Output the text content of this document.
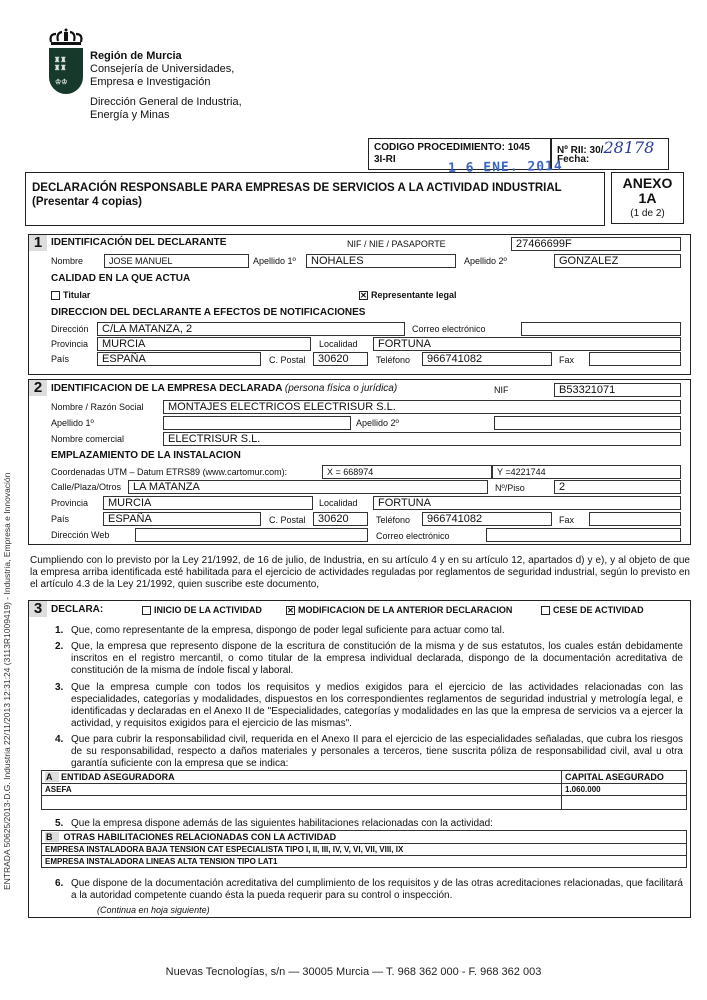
♜♜
♜♜
♔♔
Región de Murcia
Consejería de Universidades,
Empresa e Investigación
Dirección General de Industria,
Energía y Minas
CODIGO PROCEDIMIENTO: 1045
3I-RI
Nº RII: 30/28178
Fecha:
1 6 ENE. 2014
DECLARACIÓN RESPONSABLE PARA EMPRESAS DE SERVICIOS A LA ACTIVIDAD INDUSTRIAL
(Presentar 4 copias)
ANEXO
1A
(1 de 2)
ENTRADA 50625/2013-D.G. Industria 22/11/2013 12:31:24 (3113R1009419) - Industria, Empresa e Innovación
1 IDENTIFICACIÓN DEL DECLARANTE	NIF / NIE / PASAPORTE	27466699F
Nombre	JOSE MANUEL	Apellido 1º	NOHALES	Apellido 2º	GONZALEZ
CALIDAD EN LA QUE ACTUA
Titular	✕ Representante legal
DIRECCION DEL DECLARANTE A EFECTOS DE NOTIFICACIONES
Dirección	C/LA MATANZA, 2	Correo electrónico
Provincia	MURCIA	Localidad	FORTUNA
País	ESPAÑA	C. Postal	30620	Teléfono	966741082	Fax
2 IDENTIFICACION DE LA EMPRESA DECLARADA (persona física o jurídica)	NIF	B53321071
Nombre / Razón Social	MONTAJES ELECTRICOS ELECTRISUR S.L.
Apellido 1º	Apellido 2º
Nombre comercial	ELECTRISUR S.L.
EMPLAZAMIENTO DE LA INSTALACION
Coordenadas UTM – Datum ETRS89 (www.cartomur.com):	X = 668974	Y =4221744
Calle/Plaza/Otros	LA MATANZA	Nº/Piso	2
Provincia	MURCIA	Localidad	FORTUNA
País	ESPAÑA	C. Postal	30620	Teléfono	966741082	Fax
Dirección Web	Correo electrónico
Cumpliendo con lo previsto por la Ley 21/1992, de 16 de julio, de Industria, en su artículo 4 y en su artículo 12, apartados d) y e), y al objeto de que la empresa arriba identificada esté habilitada para el ejercicio de actividades reguladas por reglamentos de seguridad industrial, según lo previsto en el artículo 4.3 de la Ley 21/1992, quien suscribe este documento,
3 DECLARA:	INICIO DE LA ACTIVIDAD	✕ MODIFICACION DE LA ANTERIOR DECLARACION	CESE DE ACTIVIDAD
1. Que, como representante de la empresa, dispongo de poder legal suficiente para actuar como tal.
2. Que, la empresa que represento dispone de la escritura de constitución de la misma y de sus estatutos, los cuales están debidamente inscritos en el registro mercantil, o como titular de la empresa individual declarada, dispongo de la documentación acreditativa de constitución de la misma de índole fiscal y laboral.
3. Que la empresa cumple con todos los requisitos y medios exigidos para el ejercicio de las actividades relacionadas con las especialidades, categorías y modalidades, dispuestos en los correspondientes reglamentos de seguridad industrial y metrología legal, e identificadas y declaradas en el Anexo II de "Especialidades, categorías y modalidades en las que la empresa de servicios va a ejercer la actividad, y requisitos exigidos para el ejercicio de las mismas".
4. Que para cubrir la responsabilidad civil, requerida en el Anexo II para el ejercicio de las especialidades señaladas, que cubra los riesgos de su responsabilidad, respecto a daños materiales y personales a terceros, tiene suscrita póliza de responsabilidad civil, aval u otra garantía suficiente con la empresa que se indica:
A ENTIDAD ASEGURADORA	CAPITAL ASEGURADO
ASEFA	1.060.000

5. Que la empresa dispone además de las siguientes habilitaciones relacionadas con la actividad:
B OTRAS HABILITACIONES RELACIONADAS CON LA ACTIVIDAD
EMPRESA INSTALADORA BAJA TENSION CAT ESPECIALISTA TIPO I, II, III, IV, V, VI, VII, VIII, IX
EMPRESA INSTALADORA LINEAS ALTA TENSION TIPO LAT1
6. Que dispone de la documentación acreditativa del cumplimiento de los requisitos y de las otras acreditaciones relacionadas, que facilitará a la autoridad competente cuando ésta la pueda requerir para su control o inspección.
(Continua en hoja siguiente)
Nuevas Tecnologías, s/n — 30005 Murcia — T. 968 362 000 - F. 968 362 003
